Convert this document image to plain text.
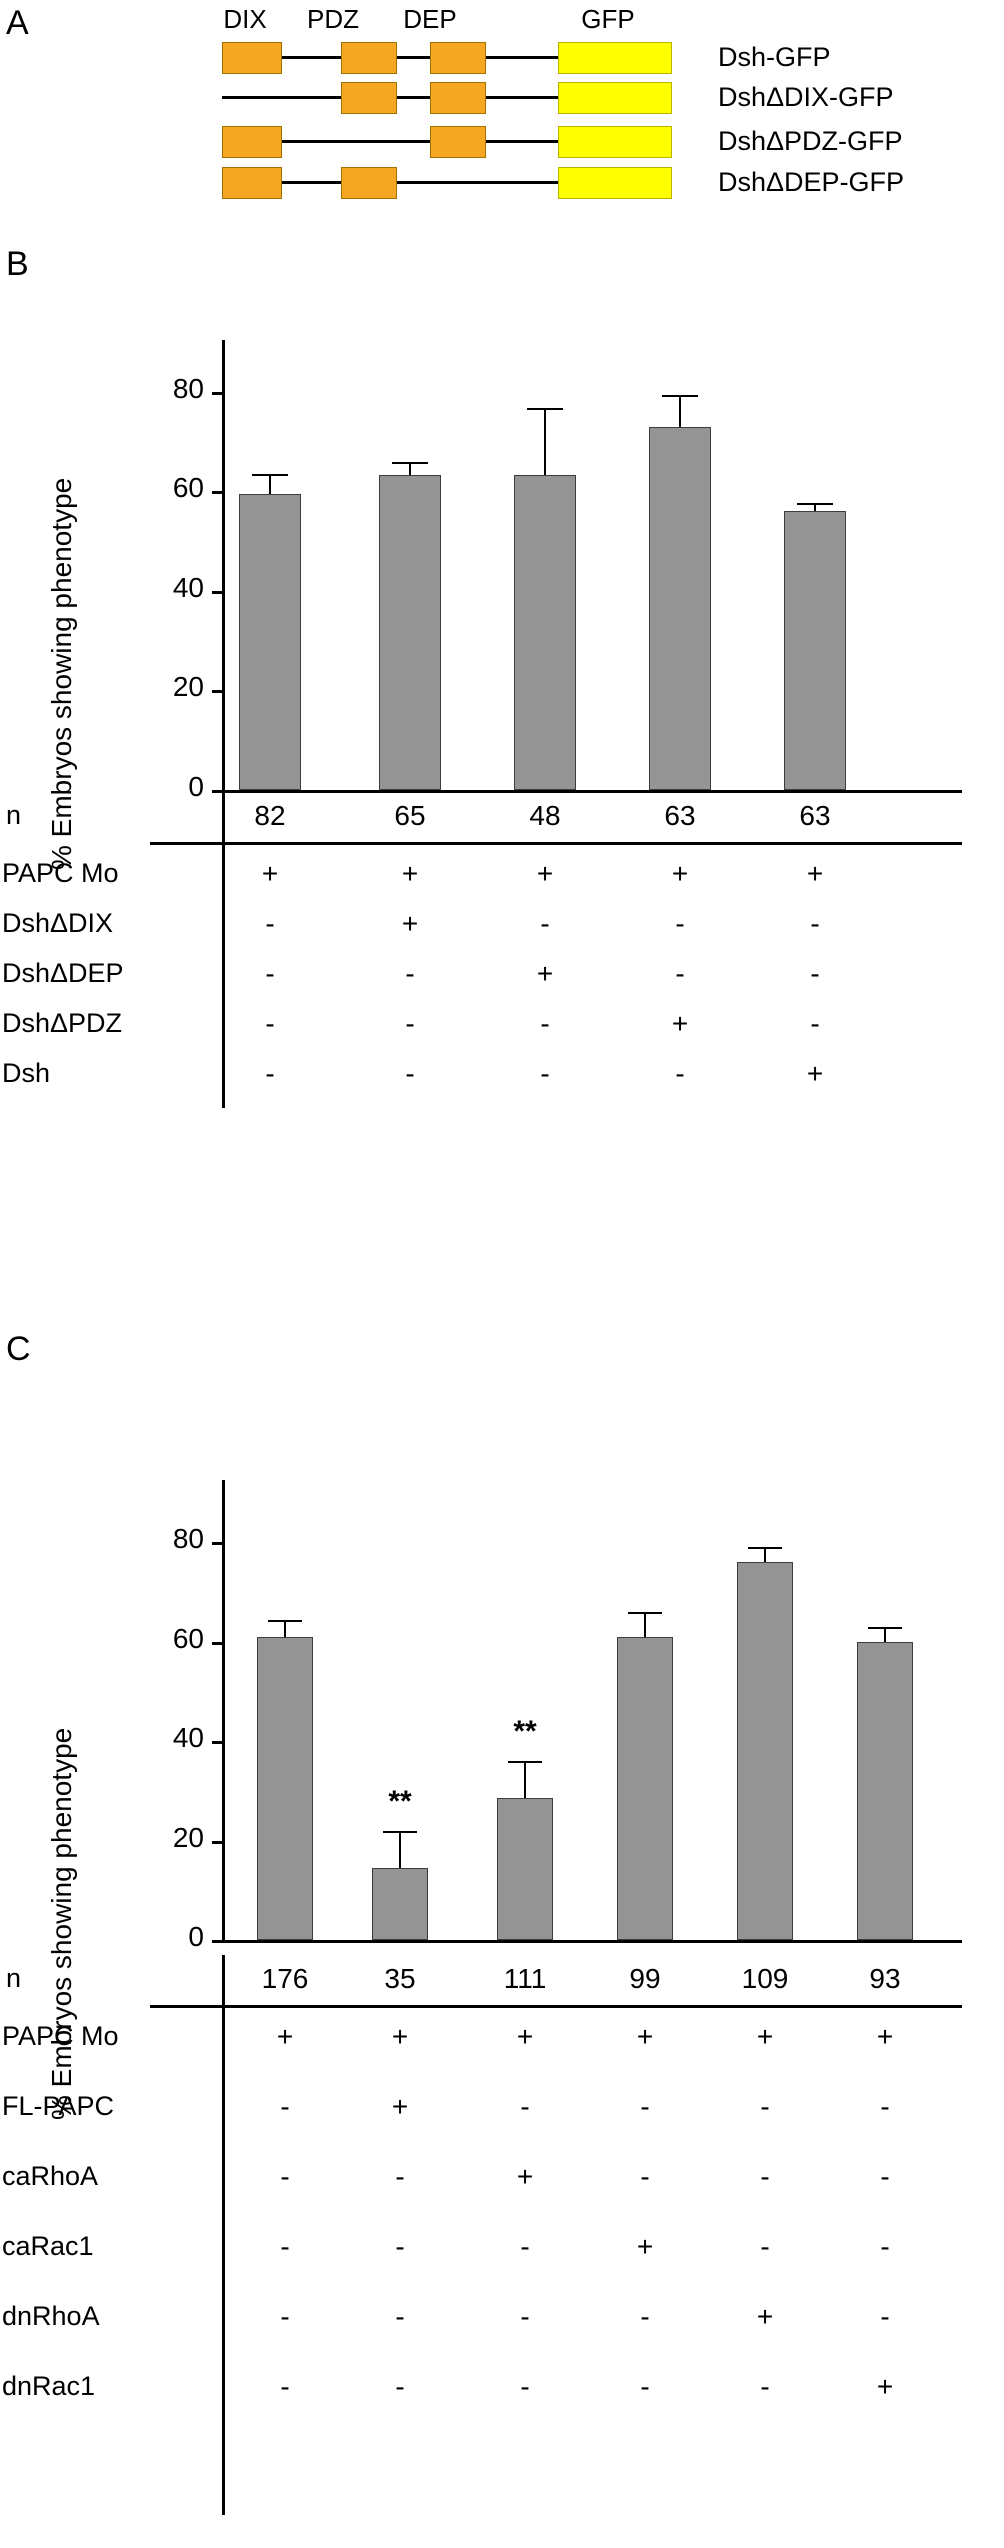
A	DIX	PDZ	DEP	GFP
Dsh-GFP
DshΔDIX-GFP
DshΔPDZ-GFP
DshΔDEP-GFP
B
% Embryos showing phenotype	0
20
40
60
80
n	82	65	48	63	63
PAPC Mo	+	+	+	+	+
DshΔDIX	-	+	-	-	-
DshΔDEP	-	-	+	-	-
DshΔPDZ	-	-	-	+	-
Dsh	-	-	-	-	+
C
% Embryos showing phenotype	0
20
40
60
80
**
**
n	176	35	111	99	109	93
PAPC Mo	+	+	+	+	+	+
FL-PAPC	-	+	-	-	-	-
caRhoA	-	-	+	-	-	-
caRac1	-	-	-	+	-	-
dnRhoA	-	-	-	-	+	-
dnRac1	-	-	-	-	-	+
